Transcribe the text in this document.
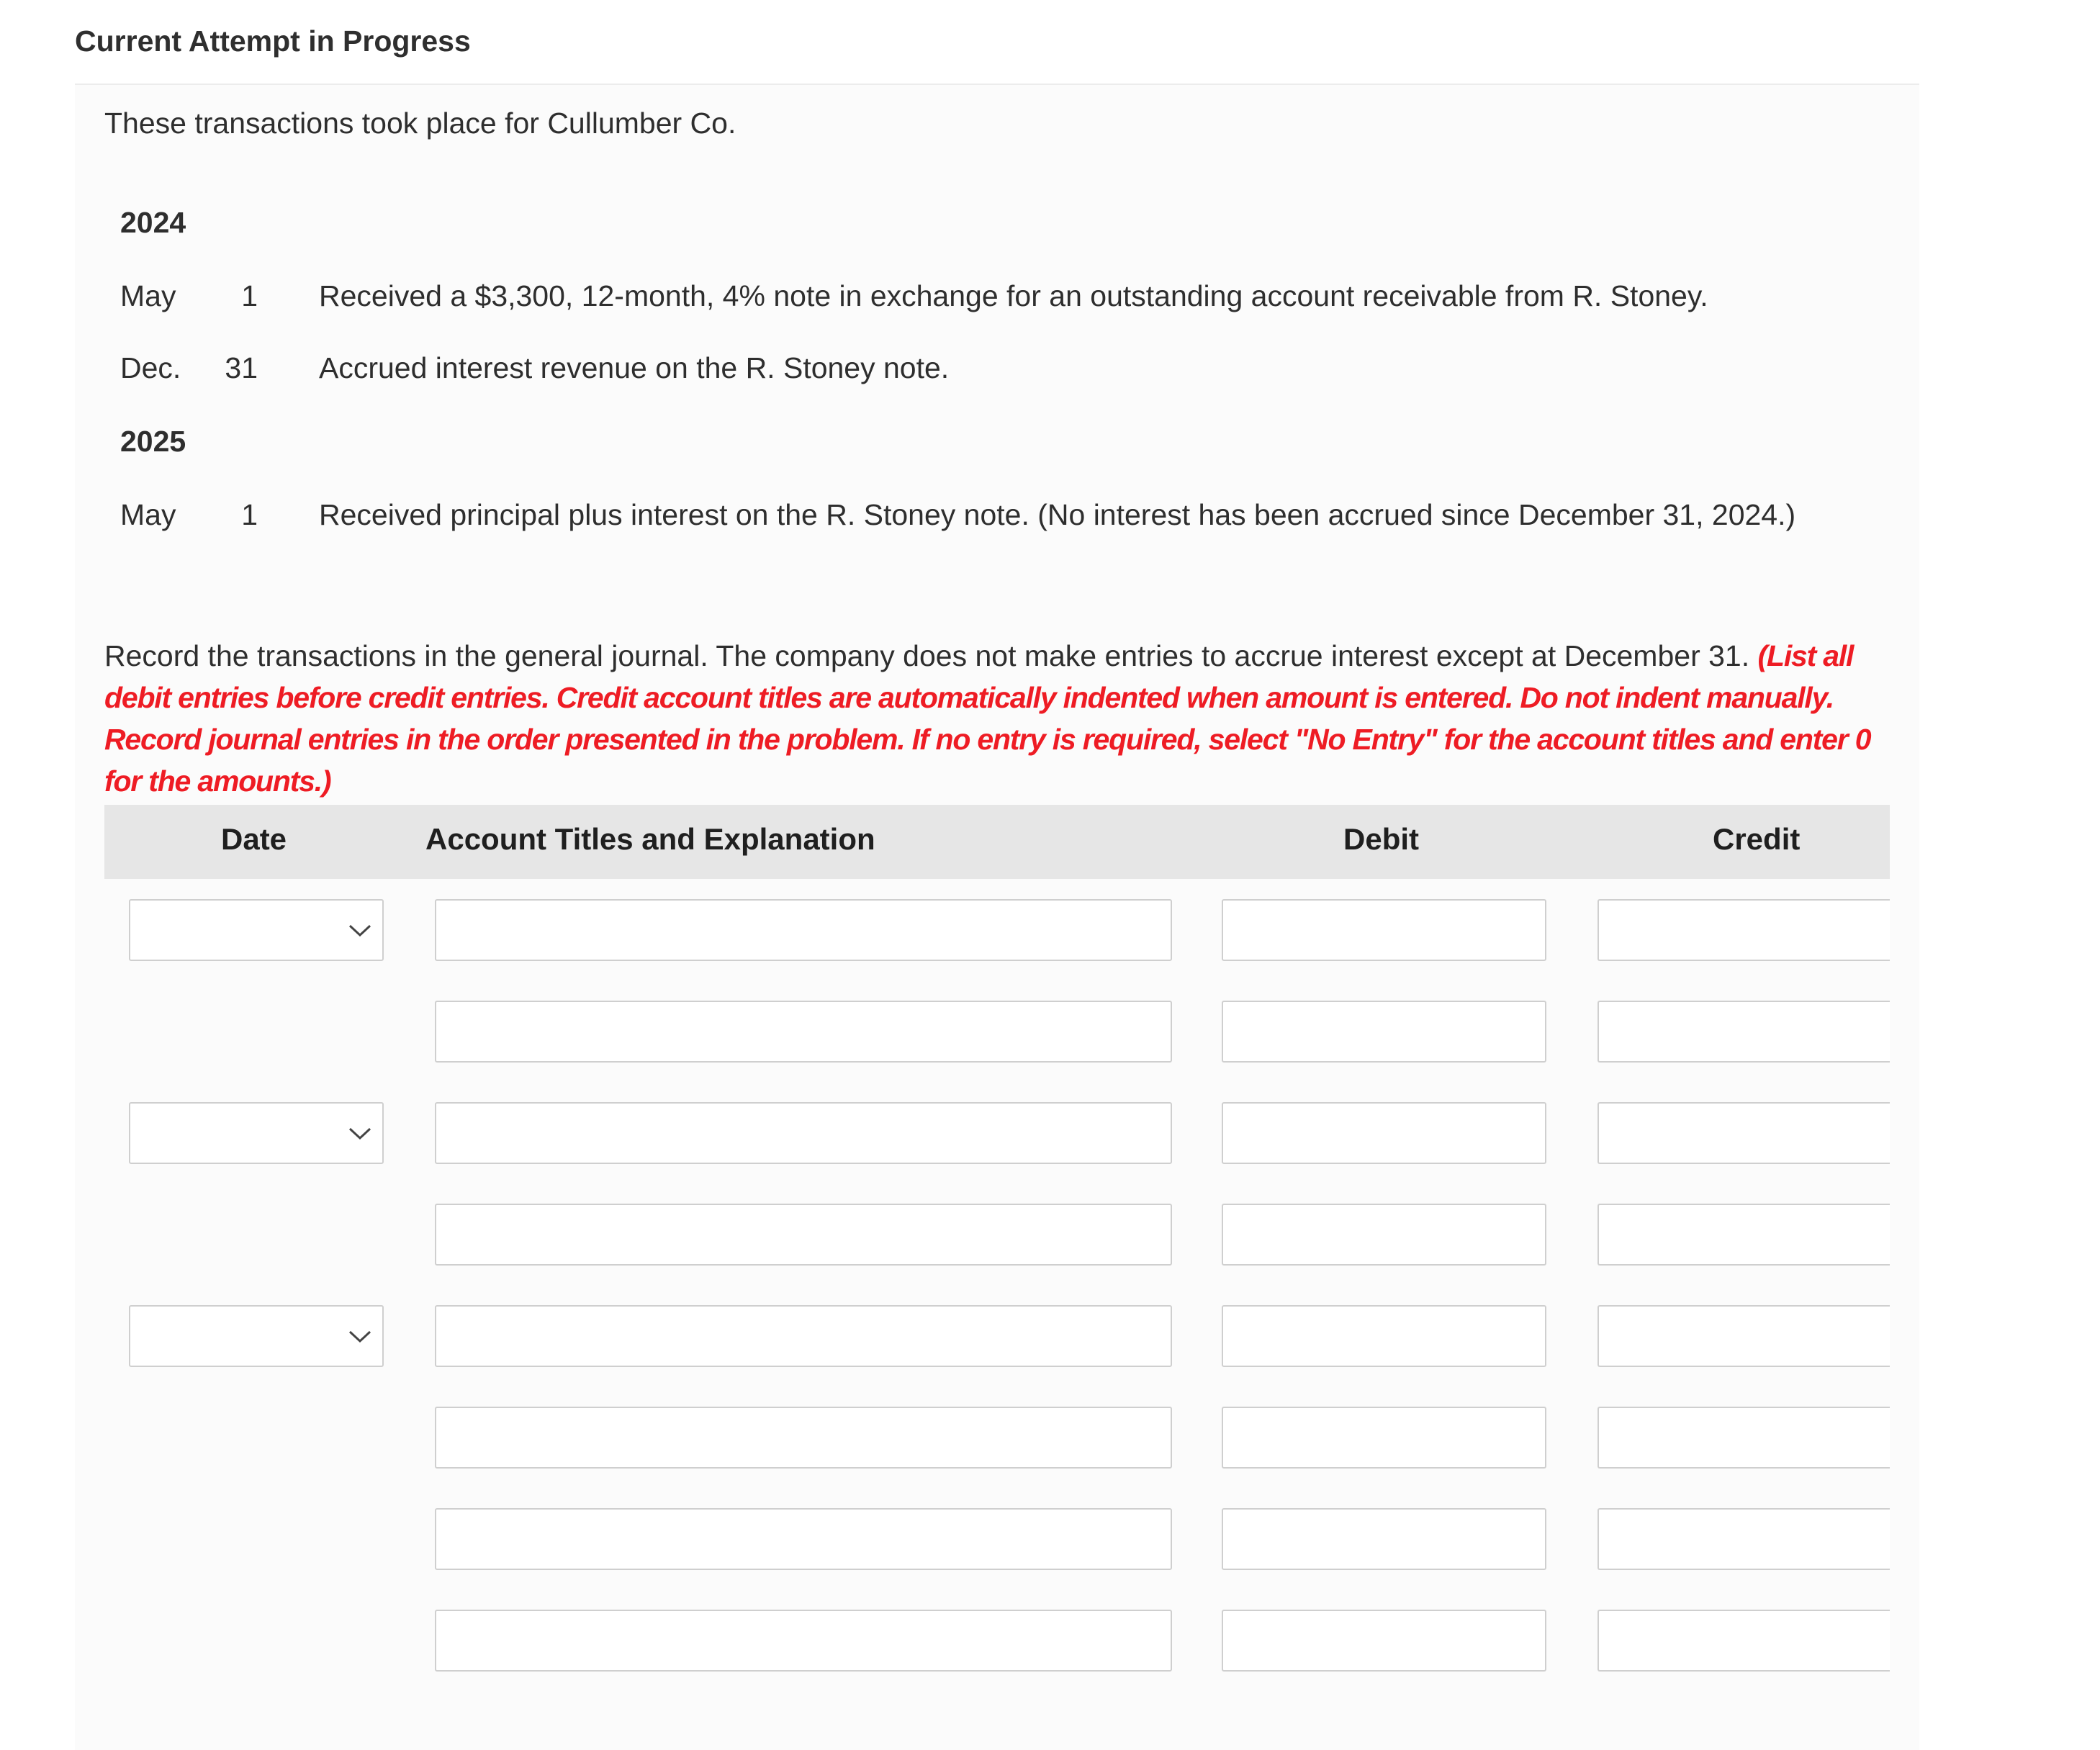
Current Attempt in Progress
These transactions took place for Cullumber Co.
2024
May	1 Received a $3,300, 12-month, 4% note in exchange for an outstanding account receivable from R. Stoney.
Dec.	31 Accrued interest revenue on the R. Stoney note.
2025
May	1 Received principal plus interest on the R. Stoney note. (No interest has been accrued since December 31, 2024.)
Record the transactions in the general journal. The company does not make entries to accrue interest except at December 31. (List all debit entries before credit entries. Credit account titles are automatically indented when amount is entered. Do not indent manually. Record journal entries in the order presented in the problem. If no entry is required, select "No Entry" for the account titles and enter 0 for the amounts.)
Date	Account Titles and Explanation	Debit	Credit
